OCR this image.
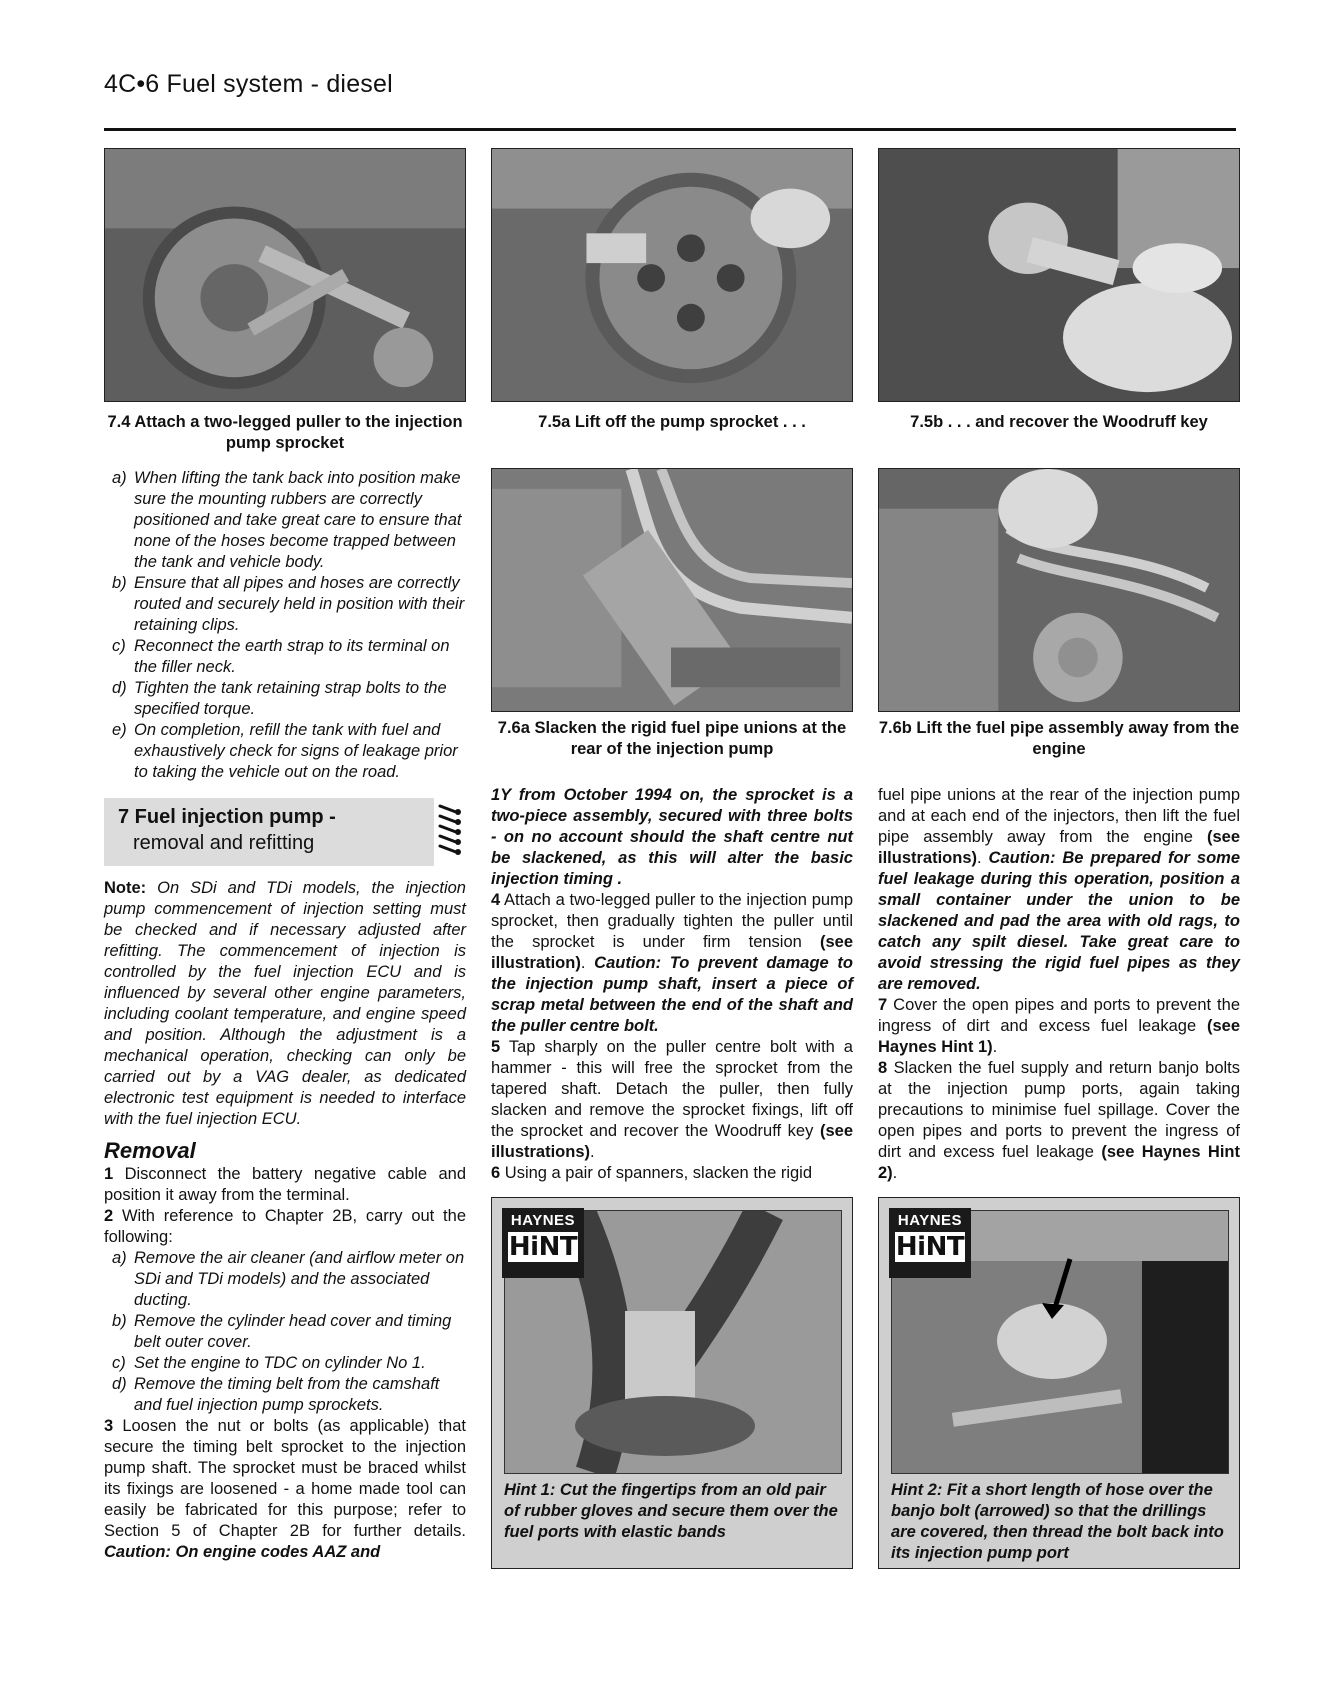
4C•6 Fuel system - diesel
7.4 Attach a two-legged puller to the injection pump sprocket
7.5a Lift off the pump sprocket . . .	7.5b . . . and recover the Woodruff key
7.6a Slacken the rigid fuel pipe unions at the rear of the injection pump
7.6b Lift the fuel pipe assembly away from the engine
a) When lifting the tank back into position make sure the mounting rubbers are correctly positioned and take great care to ensure that none of the hoses become trapped between the tank and vehicle body.
b) Ensure that all pipes and hoses are correctly routed and securely held in position with their retaining clips.
c) Reconnect the earth strap to its terminal on the filler neck.
d) Tighten the tank retaining strap bolts to the specified torque.
e) On completion, refill the tank with fuel and exhaustively check for signs of leakage prior to taking the vehicle out on the road.
7 Fuel injection pump -
removal and refitting

Note: On SDi and TDi models, the injection pump commencement of injection setting must be checked and if necessary adjusted after refitting. The commencement of injection is controlled by the fuel injection ECU and is influenced by several other engine parameters, including coolant temperature, and engine speed and position. Although the adjustment is a mechanical operation, checking can only be carried out by a VAG dealer, as dedicated electronic test equipment is needed to interface with the fuel injection ECU.

Removal

1 Disconnect the battery negative cable and position it away from the terminal.

2 With reference to Chapter 2B, carry out the following:

a) Remove the air cleaner (and airflow meter on SDi and TDi models) and the associated ducting.
b) Remove the cylinder head cover and timing belt outer cover.
c) Set the engine to TDC on cylinder No 1.
d) Remove the timing belt from the camshaft and fuel injection pump sprockets.

3 Loosen the nut or bolts (as applicable) that secure the timing belt sprocket to the injection pump shaft. The sprocket must be braced whilst its fixings are loosened - a home made tool can easily be fabricated for this purpose; refer to Section 5 of Chapter 2B for further details. Caution: On engine codes AAZ and

1Y from October 1994 on, the sprocket is a two-piece assembly, secured with three bolts - on no account should the shaft centre nut be slackened, as this will alter the basic injection timing .

4 Attach a two-legged puller to the injection pump sprocket, then gradually tighten the puller until the sprocket is under firm tension (see illustration). Caution: To prevent damage to the injection pump shaft, insert a piece of scrap metal between the end of the shaft and the puller centre bolt.

5 Tap sharply on the puller centre bolt with a hammer - this will free the sprocket from the tapered shaft. Detach the puller, then fully slacken and remove the sprocket fixings, lift off the sprocket and recover the Woodruff key (see illustrations).

6 Using a pair of spanners, slacken the rigid

fuel pipe unions at the rear of the injection pump and at each end of the injectors, then lift the fuel pipe assembly away from the engine (see illustrations). Caution: Be prepared for some fuel leakage during this operation, position a small container under the union to be slackened and pad the area with old rags, to catch any spilt diesel. Take great care to avoid stressing the rigid fuel pipes as they are removed.

7 Cover the open pipes and ports to prevent the ingress of dirt and excess fuel leakage (see Haynes Hint 1).

8 Slacken the fuel supply and return banjo bolts at the injection pump ports, again taking precautions to minimise fuel spillage. Cover the open pipes and ports to prevent the ingress of dirt and excess fuel leakage (see Haynes Hint 2).

HAYNES
HiNT
Hint 1: Cut the fingertips from an old pair of rubber gloves and secure them over the fuel ports with elastic bands
HAYNES
HiNT
Hint 2: Fit a short length of hose over the banjo bolt (arrowed) so that the drillings are covered, then thread the bolt back into its injection pump port
